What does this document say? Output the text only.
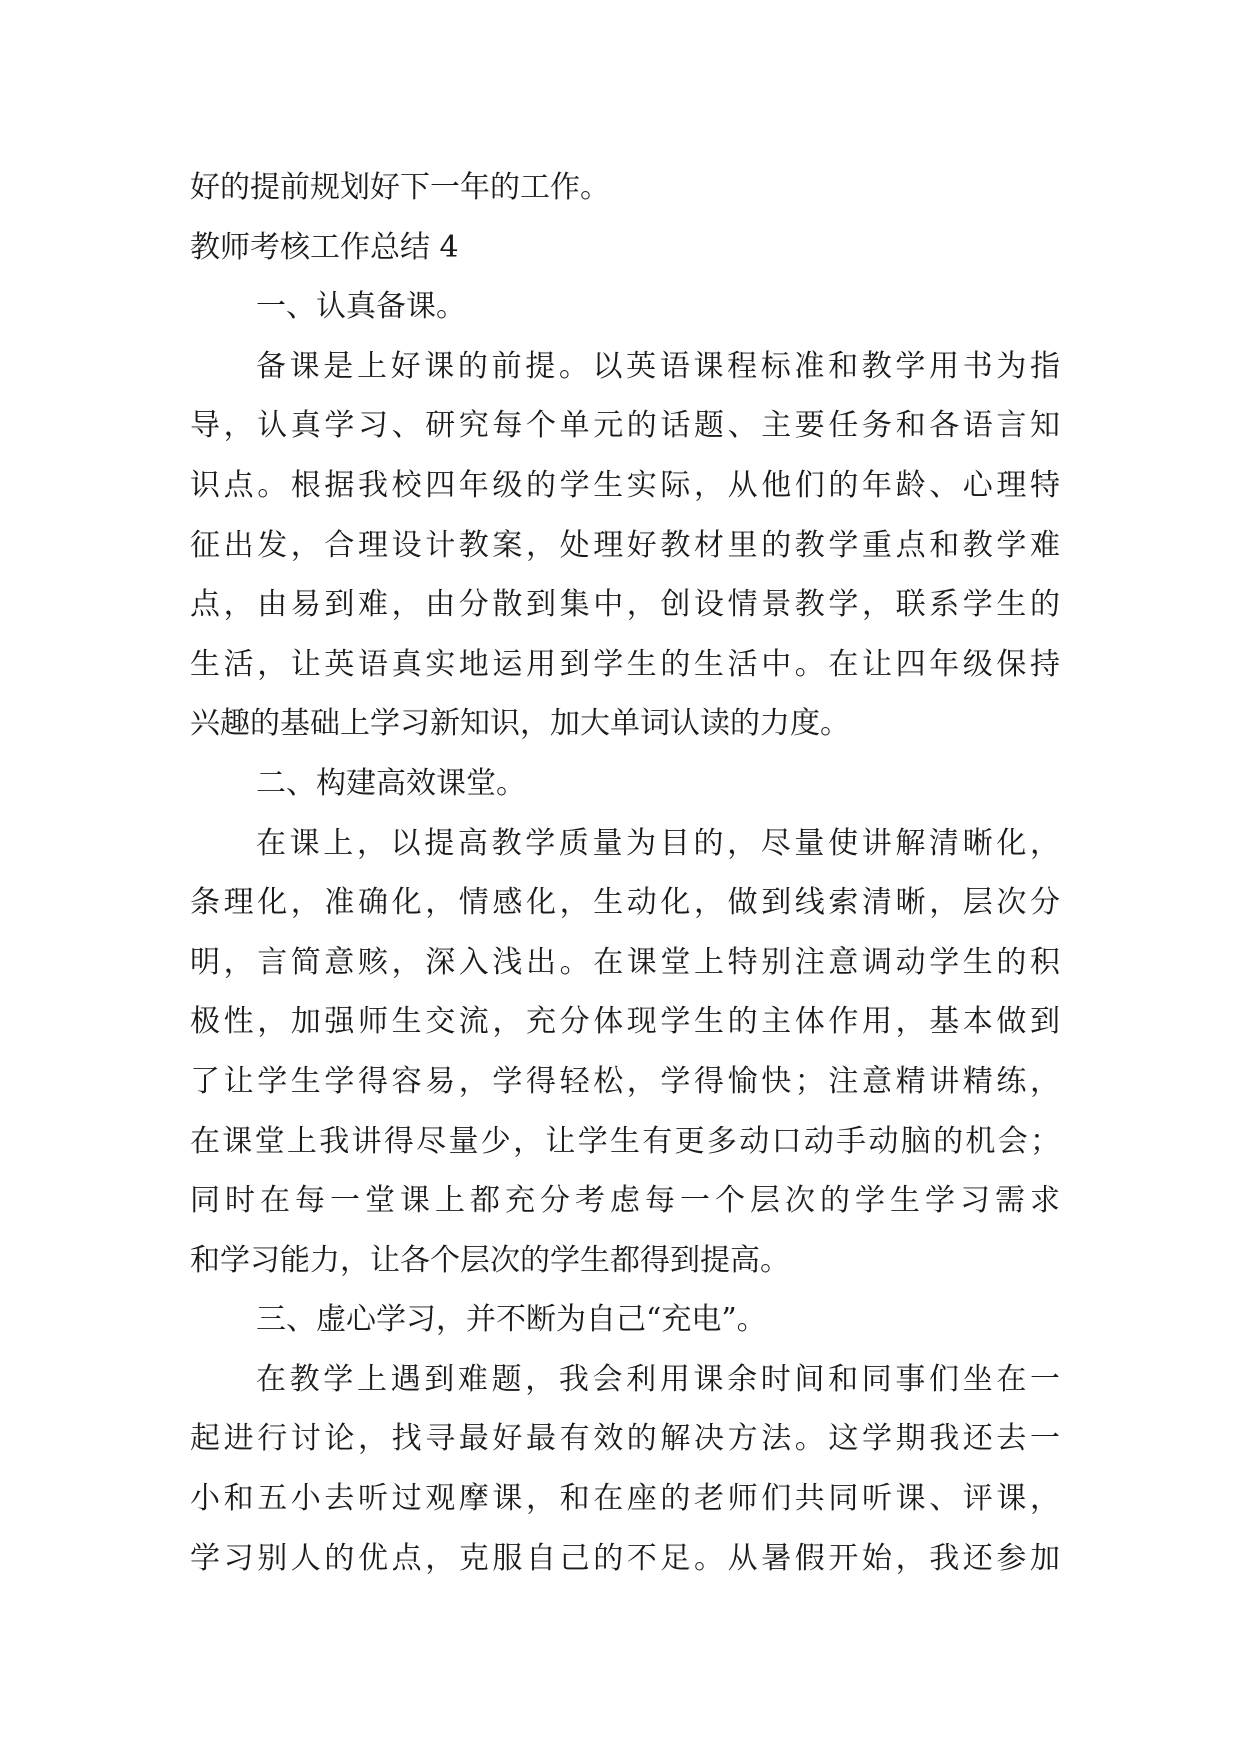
好的提前规划好下一年的工作。
教师考核工作总结 4
一、认真备课。
备课是上好课的前提。以英语课程标准和教学用书为指
导，认真学习、研究每个单元的话题、主要任务和各语言知
识点。根据我校四年级的学生实际，从他们的年龄、心理特
征出发，合理设计教案，处理好教材里的教学重点和教学难
点，由易到难，由分散到集中，创设情景教学，联系学生的
生活，让英语真实地运用到学生的生活中。在让四年级保持
兴趣的基础上学习新知识，加大单词认读的力度。
二、构建高效课堂。
在课上，以提高教学质量为目的，尽量使讲解清晰化，
条理化，准确化，情感化，生动化，做到线索清晰，层次分
明，言简意赅，深入浅出。在课堂上特别注意调动学生的积
极性，加强师生交流，充分体现学生的主体作用，基本做到
了让学生学得容易，学得轻松，学得愉快；注意精讲精练，
在课堂上我讲得尽量少，让学生有更多动口动手动脑的机会；
同时在每一堂课上都充分考虑每一个层次的学生学习需求
和学习能力，让各个层次的学生都得到提高。
三、虚心学习，并不断为自己“充电”。
在教学上遇到难题，我会利用课余时间和同事们坐在一
起进行讨论，找寻最好最有效的解决方法。这学期我还去一
小和五小去听过观摩课，和在座的老师们共同听课、评课，
学习别人的优点，克服自己的不足。从暑假开始，我还参加
